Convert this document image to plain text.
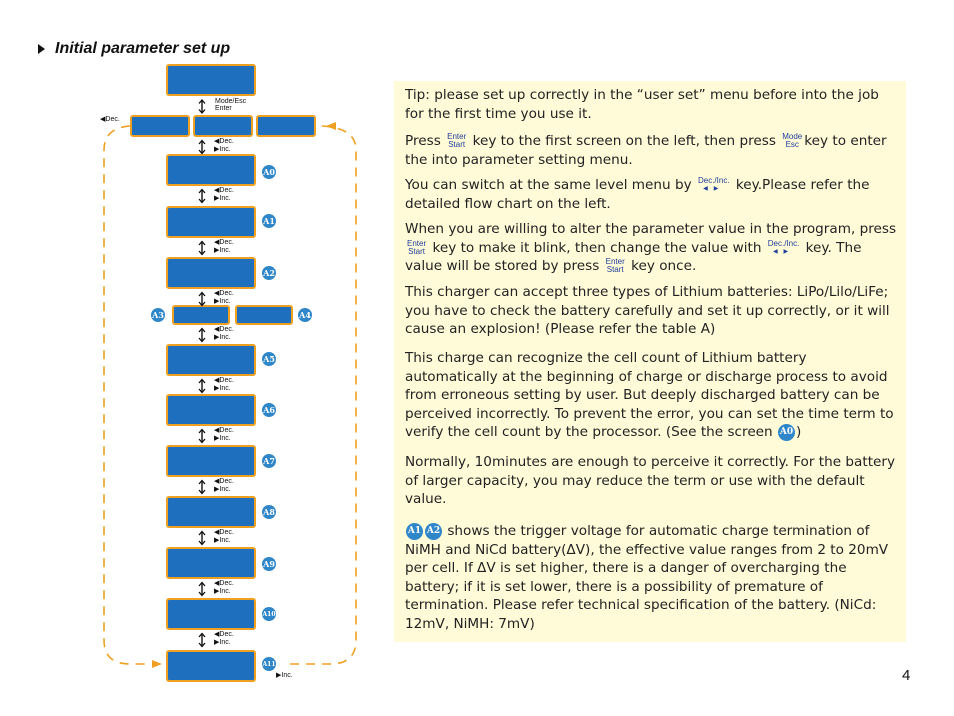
Initial parameter set up
A0
A1
A2
A3	A4
A5
A6
A7
A8
A9
A10
A11
Mode/Esc
Enter
◀Dec.
▶Inc.
◀Dec.
▶Inc.
◀Dec.
▶Inc.
◀Dec.
▶Inc.
◀Dec.
▶Inc.
◀Dec.
▶Inc.
◀Dec.
▶Inc.
◀Dec.
▶Inc.
◀Dec.
▶Inc.
◀Dec.
▶Inc.
◀Dec.
▶Inc.
◀Dec.
▶Inc.
Tip: please set up correctly in the “user set” menu before into the job for the first time you use it.
Press Enter
Start key to the first screen on the left, then press Mode
Esc key to enter the into parameter setting menu.
You can switch at the same level menu by Dec./Inc.
◀▶ key.Please refer the detailed flow chart on the left.
When you are willing to alter the parameter value in the program, press
Enter
Start key to make it blink, then change the value with Dec./Inc.
◀▶ key. The value will be stored by press Enter
Start key once.
This charger can accept three types of Lithium batteries: LiPo/Lilo/LiFe; you have to check the battery carefully and set it up correctly, or it will cause an explosion! (Please refer the table A)
This charge can recognize the cell count of Lithium battery automatically at the beginning of charge or discharge process to avoid from erroneous setting by user. But deeply discharged battery can be perceived incorrectly. To prevent the error, you can set the time term to verify the cell count by the processor. (See the screen A0 )
Normally, 10minutes are enough to perceive it correctly. For the battery of larger capacity, you may reduce the term or use with the default value.
A1 A2 shows the trigger voltage for automatic charge termination of NiMH and NiCd battery(ΔV), the effective value ranges from 2 to 20mV per cell. If ΔV is set higher, there is a danger of overcharging the battery; if it is set lower, there is a possibility of premature of termination. Please refer technical specification of the battery. (NiCd: 12mV, NiMH: 7mV)
4
